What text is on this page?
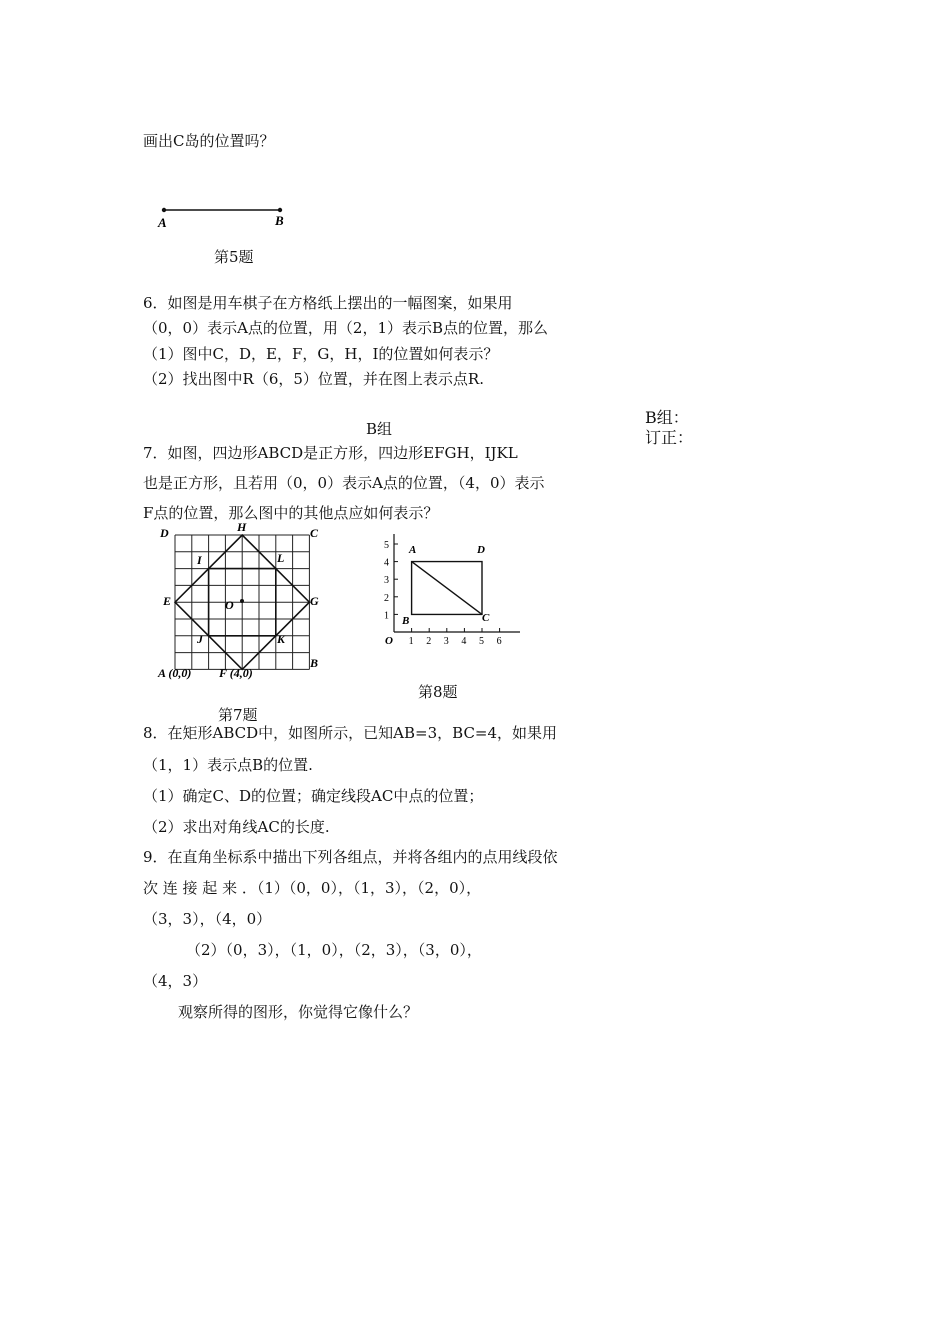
画出C岛的位置吗？
A	B
第5题
6．如图是用车棋子在方格纸上摆出的一幅图案，如果用
（0，0）表示A点的位置，用（2，1）表示B点的位置，那么
（1）图中C，D，E，F，G，H，I的位置如何表示？
（2）找出图中R（6，5）位置，并在图上表示点R.
B组
B组：
订正：
7．如图，四边形ABCD是正方形，四边形EFGH，IJKL
也是正方形，且若用（0，0）表示A点的位置，（4，0）表示
F点的位置，那么图中的其他点应如何表示？
D	H	C
I	L
E	O	G
J	K
A (0,0) F (4,0)
B
第7题
1 2 3 4 5 6
1
2
3
4
5
O
A	D
B	C
第8题
8．在矩形ABCD中，如图所示，已知AB=3，BC=4，如果用
（1，1）表示点B的位置.
（1）确定C、D的位置；确定线段AC中点的位置；
（2）求出对角线AC的长度.
9．在直角坐标系中描出下列各组点，并将各组内的点用线段依
次 连 接 起 来 ．（1）（0，0），（1，3），（2，0），
（3，3），（4，0）
（2）（0，3），（1，0），（2，3），（3，0），
（4，3）
观察所得的图形，你觉得它像什么？
